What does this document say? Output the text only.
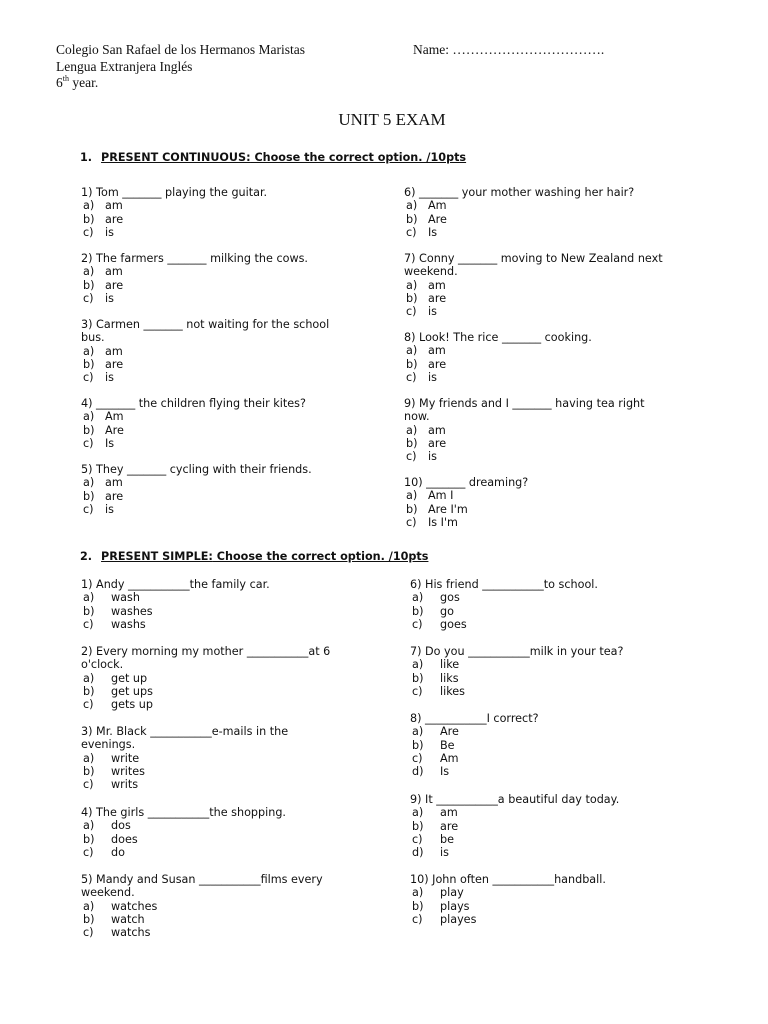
Colegio San Rafael de los Hermanos Maristas
Lengua Extranjera Inglés
6th year.
Name: …………………………….
UNIT 5 EXAM
1. PRESENT CONTINUOUS: Choose the correct option. /10pts
2. PRESENT SIMPLE: Choose the correct option. /10pts
1) Tom _______ playing the guitar.
a) am
b) are
c) is
2) The farmers _______ milking the cows.
a) am
b) are
c) is
3) Carmen _______ not waiting for the school
bus.
a) am
b) are
c) is
4) _______ the children flying their kites?
a) Am
b) Are
c) Is
5) They _______ cycling with their friends.
a) am
b) are
c) is
6) _______ your mother washing her hair?
a) Am
b) Are
c) Is
7) Conny _______ moving to New Zealand next
weekend.
a) am
b) are
c) is
8) Look! The rice _______ cooking.
a) am
b) are
c) is
9) My friends and I _______ having tea right
now.
a) am
b) are
c) is
10) _______ dreaming?
a) Am I
b) Are I'm
c) Is I'm
1) Andy ___________the family car.
a) wash
b) washes
c) washs
2) Every morning my mother ___________at 6
o'clock.
a) get up
b) get ups
c) gets up
3) Mr. Black ___________e-mails in the
evenings.
a) write
b) writes
c) writs
4) The girls ___________the shopping.
a) dos
b) does
c) do
5) Mandy and Susan ___________films every
weekend.
a) watches
b) watch
c) watchs
6) His friend ___________to school.
a) gos
b) go
c) goes
7) Do you ___________milk in your tea?
a) like
b) liks
c) likes
8) ___________I correct?
a) Are
b) Be
c) Am
d) Is
9) It ___________a beautiful day today.
a) am
b) are
c) be
d) is
10) John often ___________handball.
a) play
b) plays
c) playes
